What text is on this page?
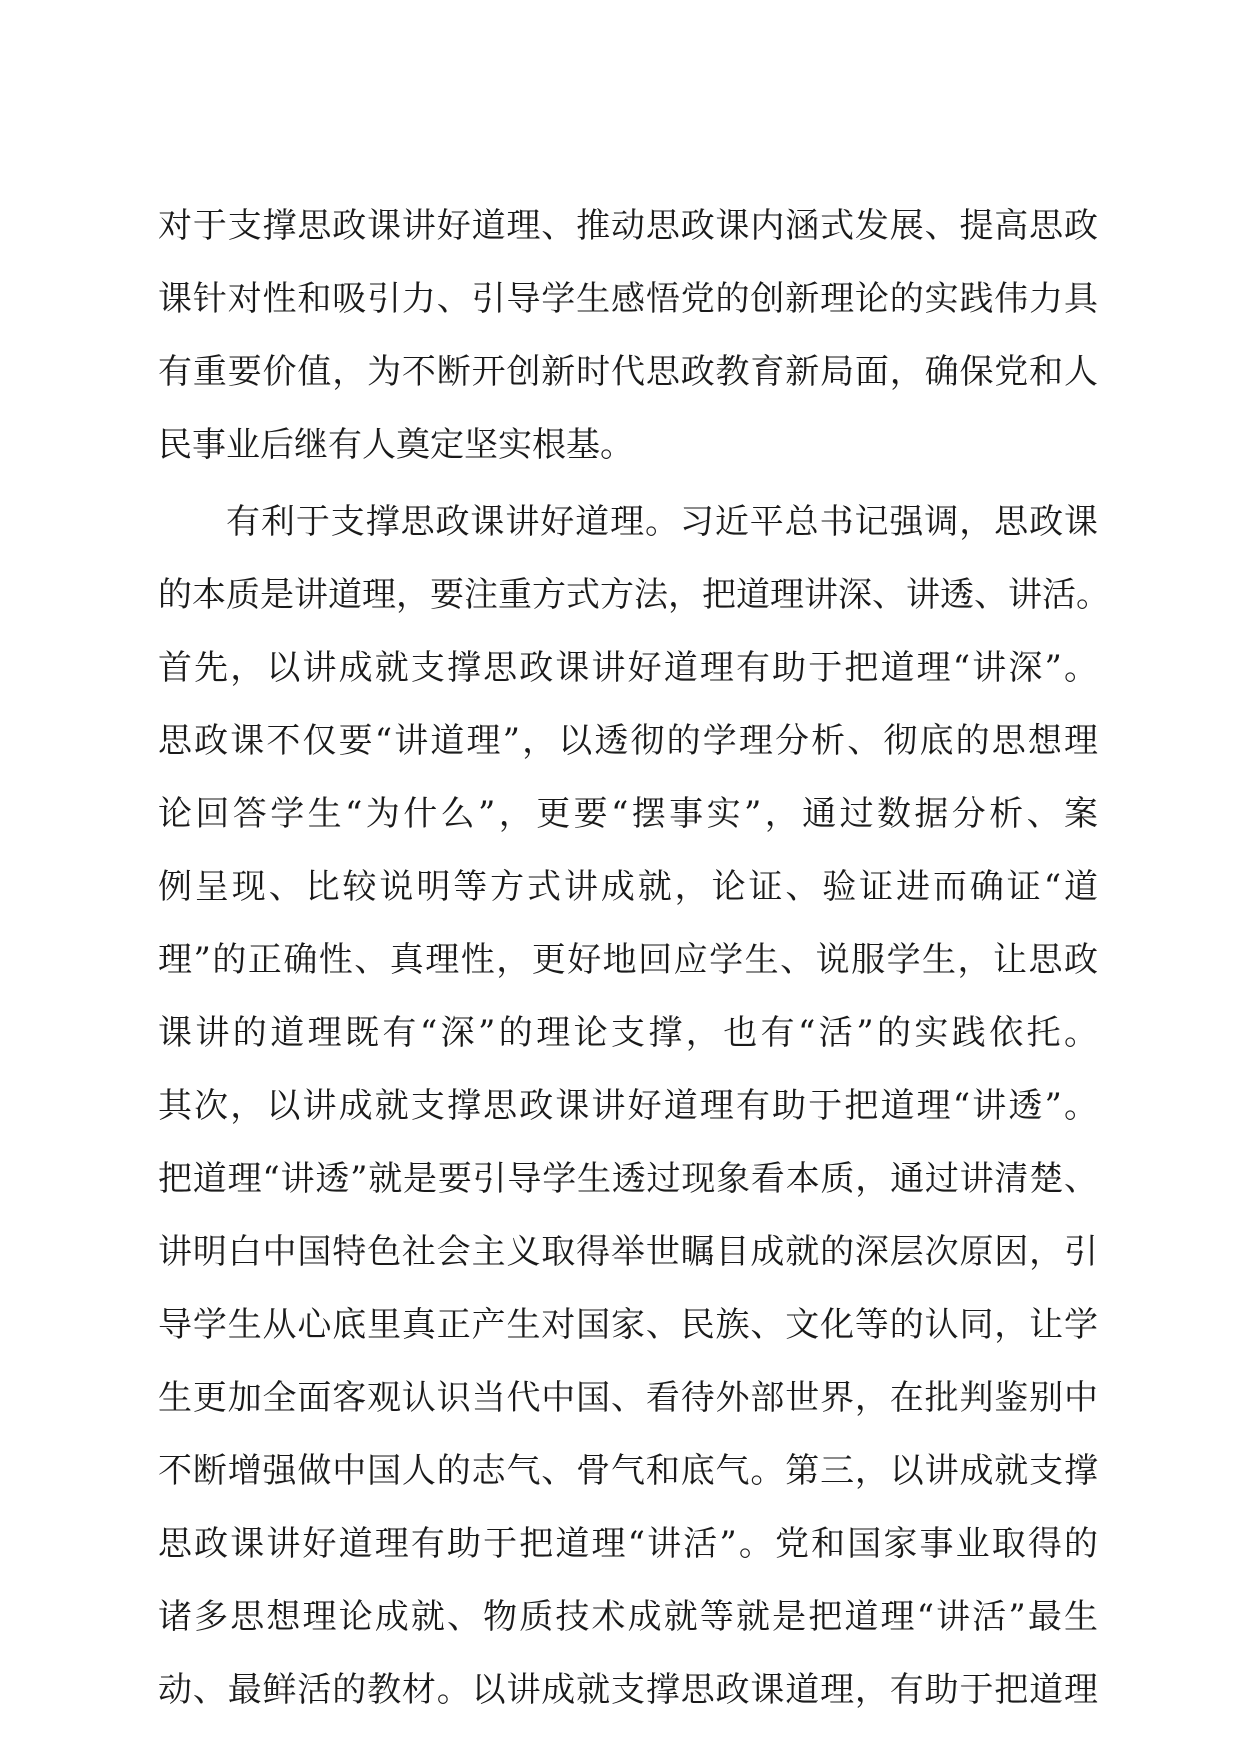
对于支撑思政课讲好道理、推动思政课内涵式发展、提高思政

课针对性和吸引力、引导学生感悟党的创新理论的实践伟力具

有重要价值，为不断开创新时代思政教育新局面，确保党和人

民事业后继有人奠定坚实根基。

有利于支撑思政课讲好道理。习近平总书记强调，思政课

的本质是讲道理，要注重方式方法，把道理讲深、讲透、讲活。

首先，以讲成就支撑思政课讲好道理有助于把道理“讲深”。

思政课不仅要“讲道理”，以透彻的学理分析、彻底的思想理

论回答学生“为什么”，更要“摆事实”，通过数据分析、案

例呈现、比较说明等方式讲成就，论证、验证进而确证“道

理”的正确性、真理性，更好地回应学生、说服学生，让思政

课讲的道理既有“深”的理论支撑，也有“活”的实践依托。

其次，以讲成就支撑思政课讲好道理有助于把道理“讲透”。

把道理“讲透”就是要引导学生透过现象看本质，通过讲清楚、

讲明白中国特色社会主义取得举世瞩目成就的深层次原因，引

导学生从心底里真正产生对国家、民族、文化等的认同，让学

生更加全面客观认识当代中国、看待外部世界，在批判鉴别中

不断增强做中国人的志气、骨气和底气。第三，以讲成就支撑

思政课讲好道理有助于把道理“讲活”。党和国家事业取得的

诸多思想理论成就、物质技术成就等就是把道理“讲活”最生

动、最鲜活的教材。以讲成就支撑思政课道理，有助于把道理
